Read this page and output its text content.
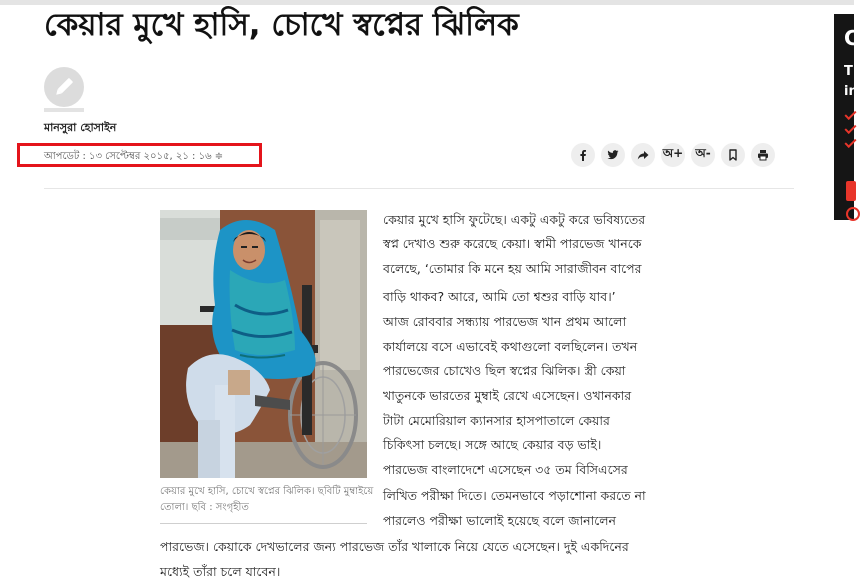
কেয়ার মুখে হাসি, চোখে স্বপ্নের ঝিলিক
মানসুরা হোসাইন
আপডেট : ১৩ সেপ্টেম্বর ২০১৫, ২১ : ১৬ ≑	অ+	অ-
কেয়ার মুখে হাসি, চোখে স্বপ্নের ঝিলিক। ছবিটি মুম্বাইয়ে তোলা। ছবি : সংগৃহীত
কেয়ার মুখে হাসি ফুটেছে। একটু একটু করে ভবিষ্যতের
স্বপ্ন দেখাও শুরু করেছে কেয়া। স্বামী পারভেজ খানকে
বলেছে, ‘তোমার কি মনে হয় আমি সারাজীবন বাপের
বাড়ি থাকব? আরে, আমি তো শ্বশুর বাড়ি যাব।’
আজ রোববার সন্ধ্যায় পারভেজ খান প্রথম আলো
কার্যালয়ে বসে এভাবেই কথাগুলো বলছিলেন। তখন
পারভেজের চোখেও ছিল স্বপ্নের ঝিলিক। স্ত্রী কেয়া
খাতুনকে ভারতের মুম্বাই রেখে এসেছেন। ওখানকার
টাটা মেমোরিয়াল ক্যানসার হাসপাতালে কেয়ার
চিকিৎসা চলছে। সঙ্গে আছে কেয়ার বড় ভাই।
পারভেজ বাংলাদেশে এসেছেন ৩৫ তম বিসিএসের
লিখিত পরীক্ষা দিতে। তেমনভাবে পড়াশোনা করতে না
পারলেও পরীক্ষা ভালোই হয়েছে বলে জানালেন
পারভেজ। কেয়াকে দেখভালের জন্য পারভেজ তাঁর খালাকে নিয়ে যেতে এসেছেন। দুই একদিনের
মধ্যেই তাঁরা চলে যাবেন।
C
T
in
